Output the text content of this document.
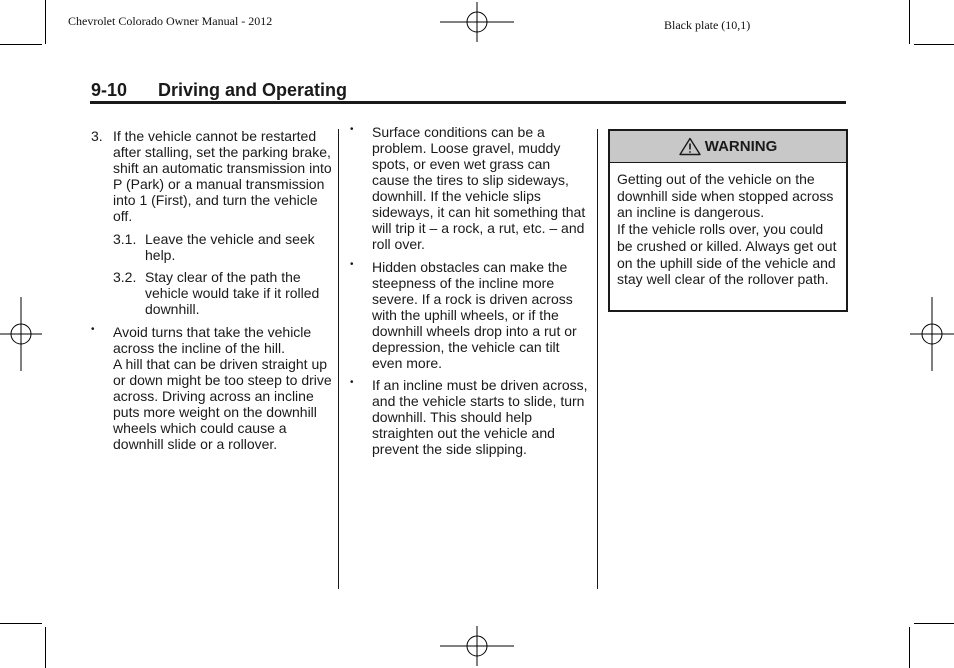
Chevrolet Colorado Owner Manual - 2012	Black plate (10,1)
9-10 Driving and Operating
3. If the vehicle cannot be restarted after stalling, set the parking brake, shift an automatic transmission into P (Park) or a manual transmission into 1 (First), and turn the vehicle off.

3.1. Leave the vehicle and seek help.

3.2. Stay clear of the path the vehicle would take if it rolled downhill.

• Avoid turns that take the vehicle across the incline of the hill.

A hill that can be driven straight up or down might be too steep to drive across. Driving across an incline puts more weight on the downhill wheels which could cause a downhill slide or a rollover.

• Surface conditions can be a problem. Loose gravel, muddy spots, or even wet grass can cause the tires to slip sideways, downhill. If the vehicle slips sideways, it can hit something that will trip it – a rock, a rut, etc. – and roll over.

• Hidden obstacles can make the steepness of the incline more severe. If a rock is driven across with the uphill wheels, or if the downhill wheels drop into a rut or depression, the vehicle can tilt even more.

• If an incline must be driven across, and the vehicle starts to slide, turn downhill. This should help straighten out the vehicle and prevent the side slipping.

WARNING

Getting out of the vehicle on the downhill side when stopped across an incline is dangerous.

If the vehicle rolls over, you could be crushed or killed. Always get out on the uphill side of the vehicle and stay well clear of the rollover path.
